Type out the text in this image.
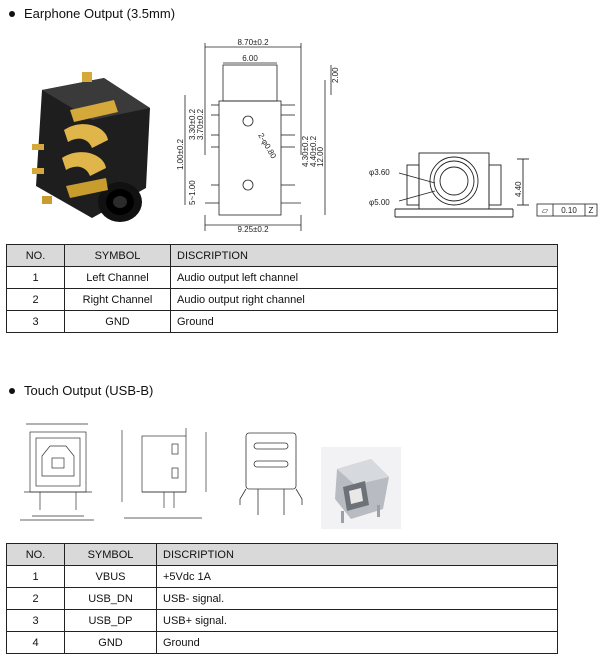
Earphone Output (3.5mm)
8.70±0.2
6.00
9.25±0.2
2.00
4.30±0.2 4.40±0.2
12.00
1.00±0.2
3.30±0.2 3.70±0.2
5~1.00
2-φ0.80
φ3.60
φ5.00
4.40
⏥ 0.10 Z
NO.	SYMBOL	DISCRIPTION
1	Left Channel	Audio output left channel
2	Right Channel	Audio output right channel
3	GND	Ground
Touch Output (USB-B)
NO.	SYMBOL	DISCRIPTION
1	VBUS	+5Vdc 1A
2	USB_DN	USB- signal.
3	USB_DP	USB+ signal.
4	GND	Ground
